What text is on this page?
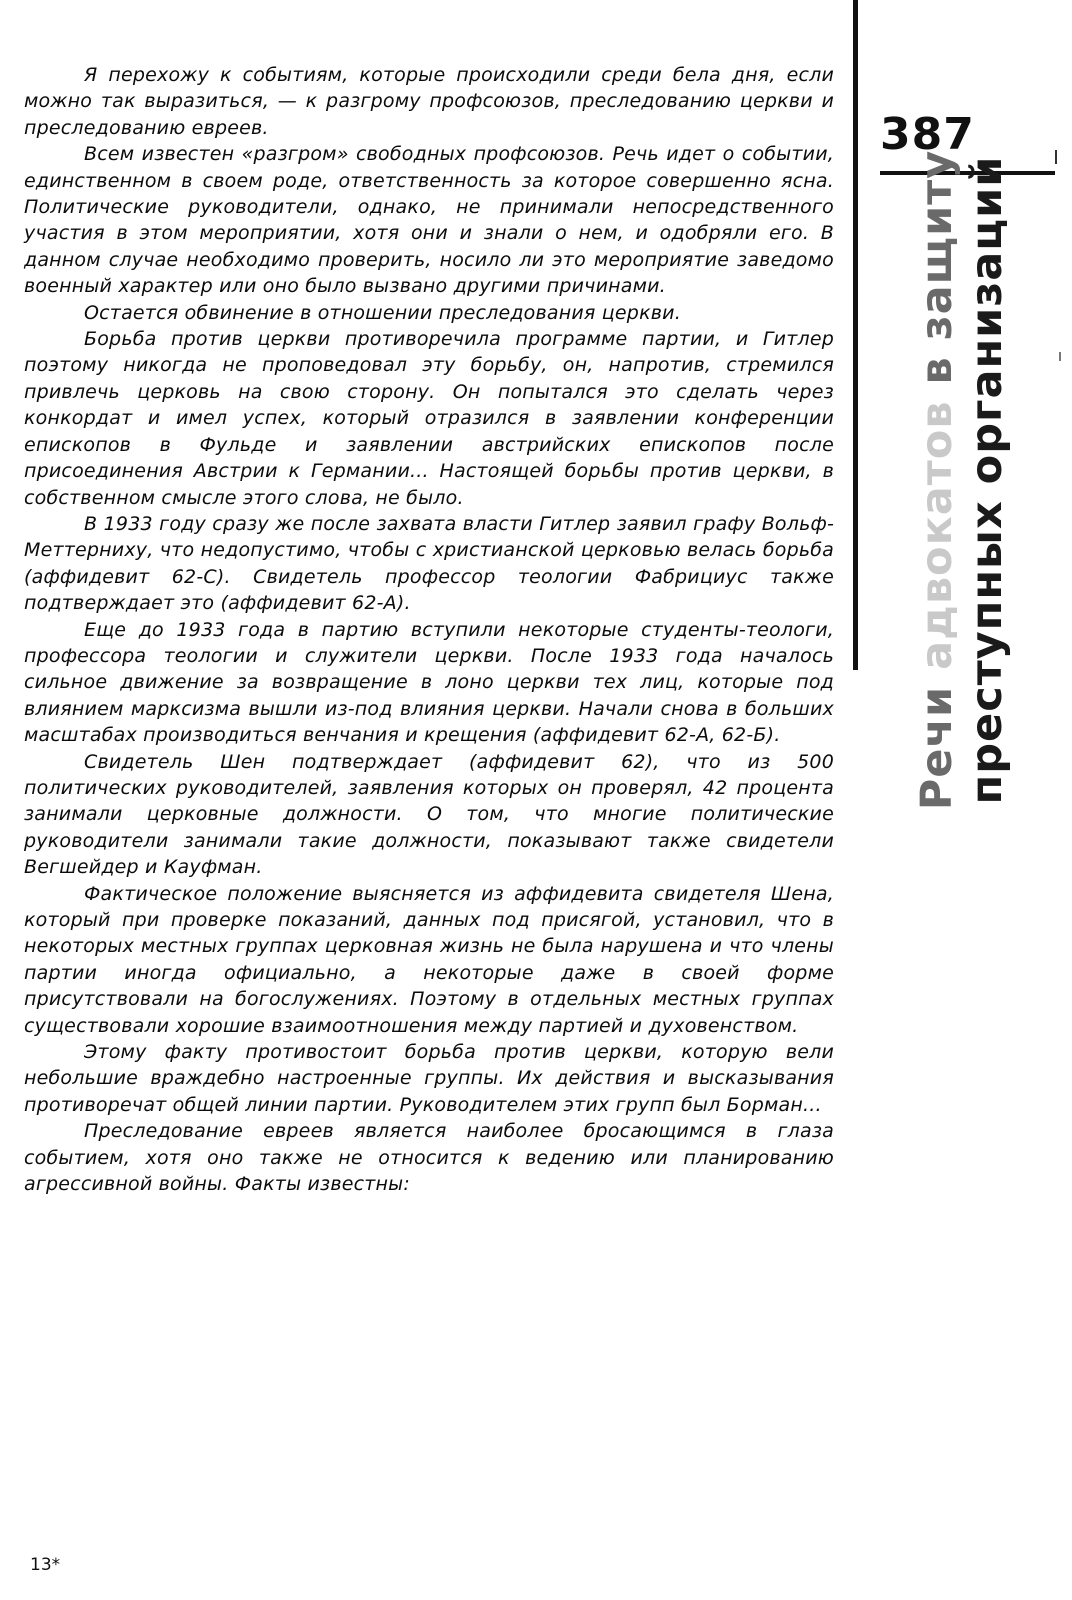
Я перехожу к событиям, которые происходили среди бела дня, если можно так выразиться, — к разгрому профсоюзов, преследованию церкви и преследованию евреев.

Всем известен «разгром» свободных профсоюзов. Речь идет о событии, единственном в своем роде, ответственность за которое совершенно ясна. Политические руководители, однако, не принимали непосредственного участия в этом мероприятии, хотя они и знали о нем, и одобряли его. В данном случае необходимо проверить, носило ли это мероприятие заведомо военный характер или оно было вызвано другими причинами.

Остается обвинение в отношении преследования церкви.

Борьба против церкви противоречила программе партии, и Гитлер поэтому никогда не проповедовал эту борьбу, он, напротив, стремился привлечь церковь на свою сторону. Он попытался это сделать через конкордат и имел успех, который отразился в заявлении конференции епископов в Фульде и заявлении австрийских епископов после присоединения Австрии к Германии... Настоящей борьбы против церкви, в собственном смысле этого слова, не было.

В 1933 году сразу же после захвата власти Гитлер заявил графу Вольф-Меттерниху, что недопустимо, чтобы с христианской церковью велась борьба (аффидевит 62-С). Свидетель профессор теологии Фабрициус также подтверждает это (аффидевит 62-А).

Еще до 1933 года в партию вступили некоторые студенты-теологи, профессора теологии и служители церкви. После 1933 года началось сильное движение за возвращение в лоно церкви тех лиц, которые под влиянием марксизма вышли из-под влияния церкви. Начали снова в больших масштабах производиться венчания и крещения (аффидевит 62-А, 62-Б).

Свидетель Шен подтверждает (аффидевит 62), что из 500 политических руководителей, заявления которых он проверял, 42 процента занимали церковные должности. О том, что многие политические руководители занимали такие должности, показывают также свидетели Вегшейдер и Кауфман.

Фактическое положение выясняется из аффидевита свидетеля Шена, который при проверке показаний, данных под присягой, установил, что в некоторых местных группах церковная жизнь не была нарушена и что члены партии иногда официально, а некоторые даже в своей форме присутствовали на богослужениях. Поэтому в отдельных местных группах существовали хорошие взаимоотношения между партией и духовенством.

Этому факту противостоит борьба против церкви, которую вели небольшие враждебно настроенные группы. Их действия и высказывания противоречат общей линии партии. Руководителем этих групп был Борман...

Преследование евреев является наиболее бросающимся в глаза событием, хотя оно также не относится к ведению или планированию агрессивной войны. Факты известны:

387
Речи адвокатов в защиту преступных организаций
13*
